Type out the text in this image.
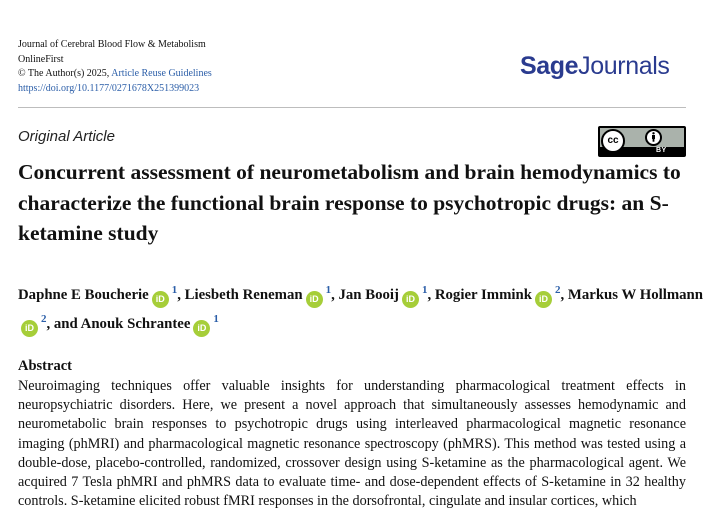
Journal of Cerebral Blood Flow & Metabolism
OnlineFirst
© The Author(s) 2025, Article Reuse Guidelines
https://doi.org/10.1177/0271678X251399023
SageJournals
Original Article	cc
BY
Concurrent assessment of neurometabolism and brain hemodynamics to characterize the functional brain response to psychotropic drugs: an S-ketamine study
Daphne E Boucherie iD$^1$, Liesbeth Reneman iD$^1$, Jan Booij iD$^1$, Rogier Immink iD$^2$, Markus W HollmanniD$^2$, and Anouk Schrantee iD$^1$
Abstract
Neuroimaging techniques offer valuable insights for understanding pharmacological treatment effects in neuropsychiatric disorders. Here, we present a novel approach that simultaneously assesses hemodynamic and neurometabolic brain responses to psychotropic drugs using interleaved pharmacological magnetic resonance imaging (phMRI) and pharmacological magnetic resonance spectroscopy (phMRS). This method was tested using a double-dose, placebo-controlled, randomized, crossover design using S-ketamine as the pharmacological agent. We acquired 7 Tesla phMRI and phMRS data to evaluate time- and dose-dependent effects of S-ketamine in 32 healthy controls. S-ketamine elicited robust fMRI responses in the dorsofrontal, cingulate and insular cortices, which
